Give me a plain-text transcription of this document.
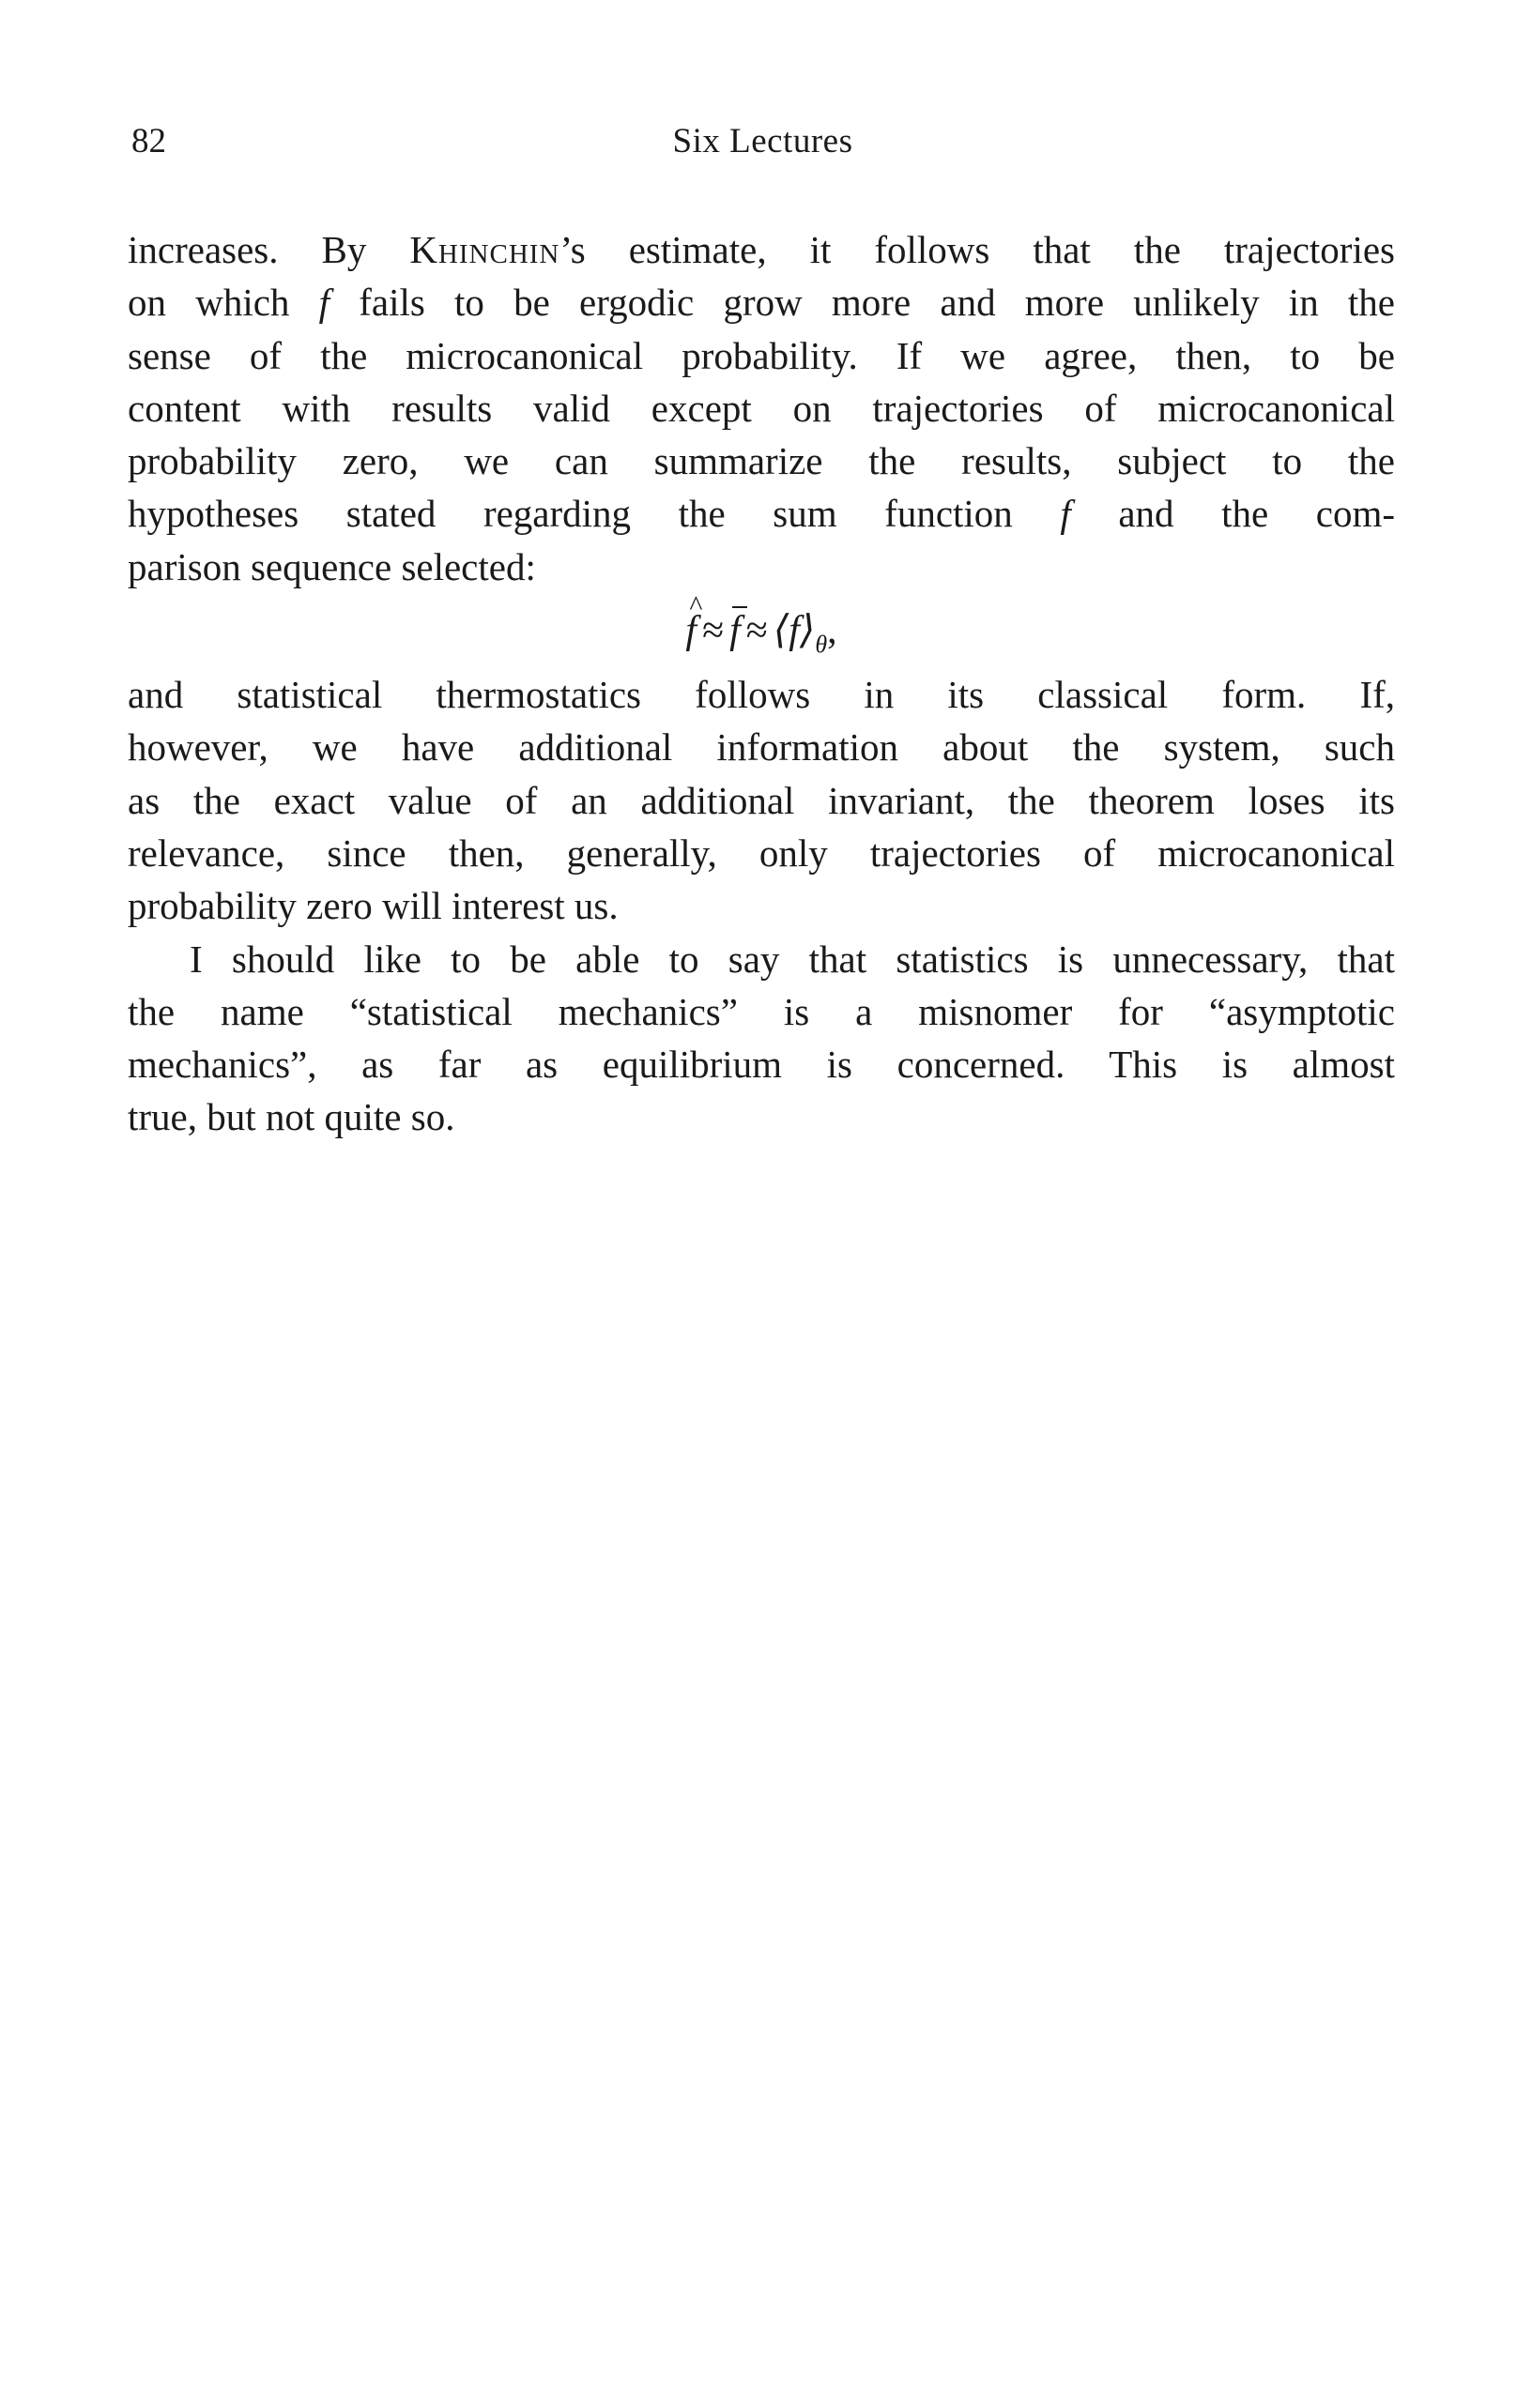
82	Six Lectures
increases. By Khinchin’s estimate, it follows that the trajectories
on which f fails to be ergodic grow more and more unlikely in the
sense of the microcanonical probability. If we agree, then, to be
content with results valid except on trajectories of microcanonical
probability zero, we can summarize the results, subject to the
hypotheses stated regarding the sum function f and the com-
parison sequence selected:
^ $f \approx f \approx ⟨f⟩_\theta$,
and statistical thermostatics follows in its classical form. If,
however, we have additional information about the system, such
as the exact value of an additional invariant, the theorem loses its
relevance, since then, generally, only trajectories of microcanonical
probability zero will interest us.
I should like to be able to say that statistics is unnecessary, that
the name “statistical mechanics” is a misnomer for “asymptotic
mechanics”, as far as equilibrium is concerned. This is almost
true, but not quite so.
